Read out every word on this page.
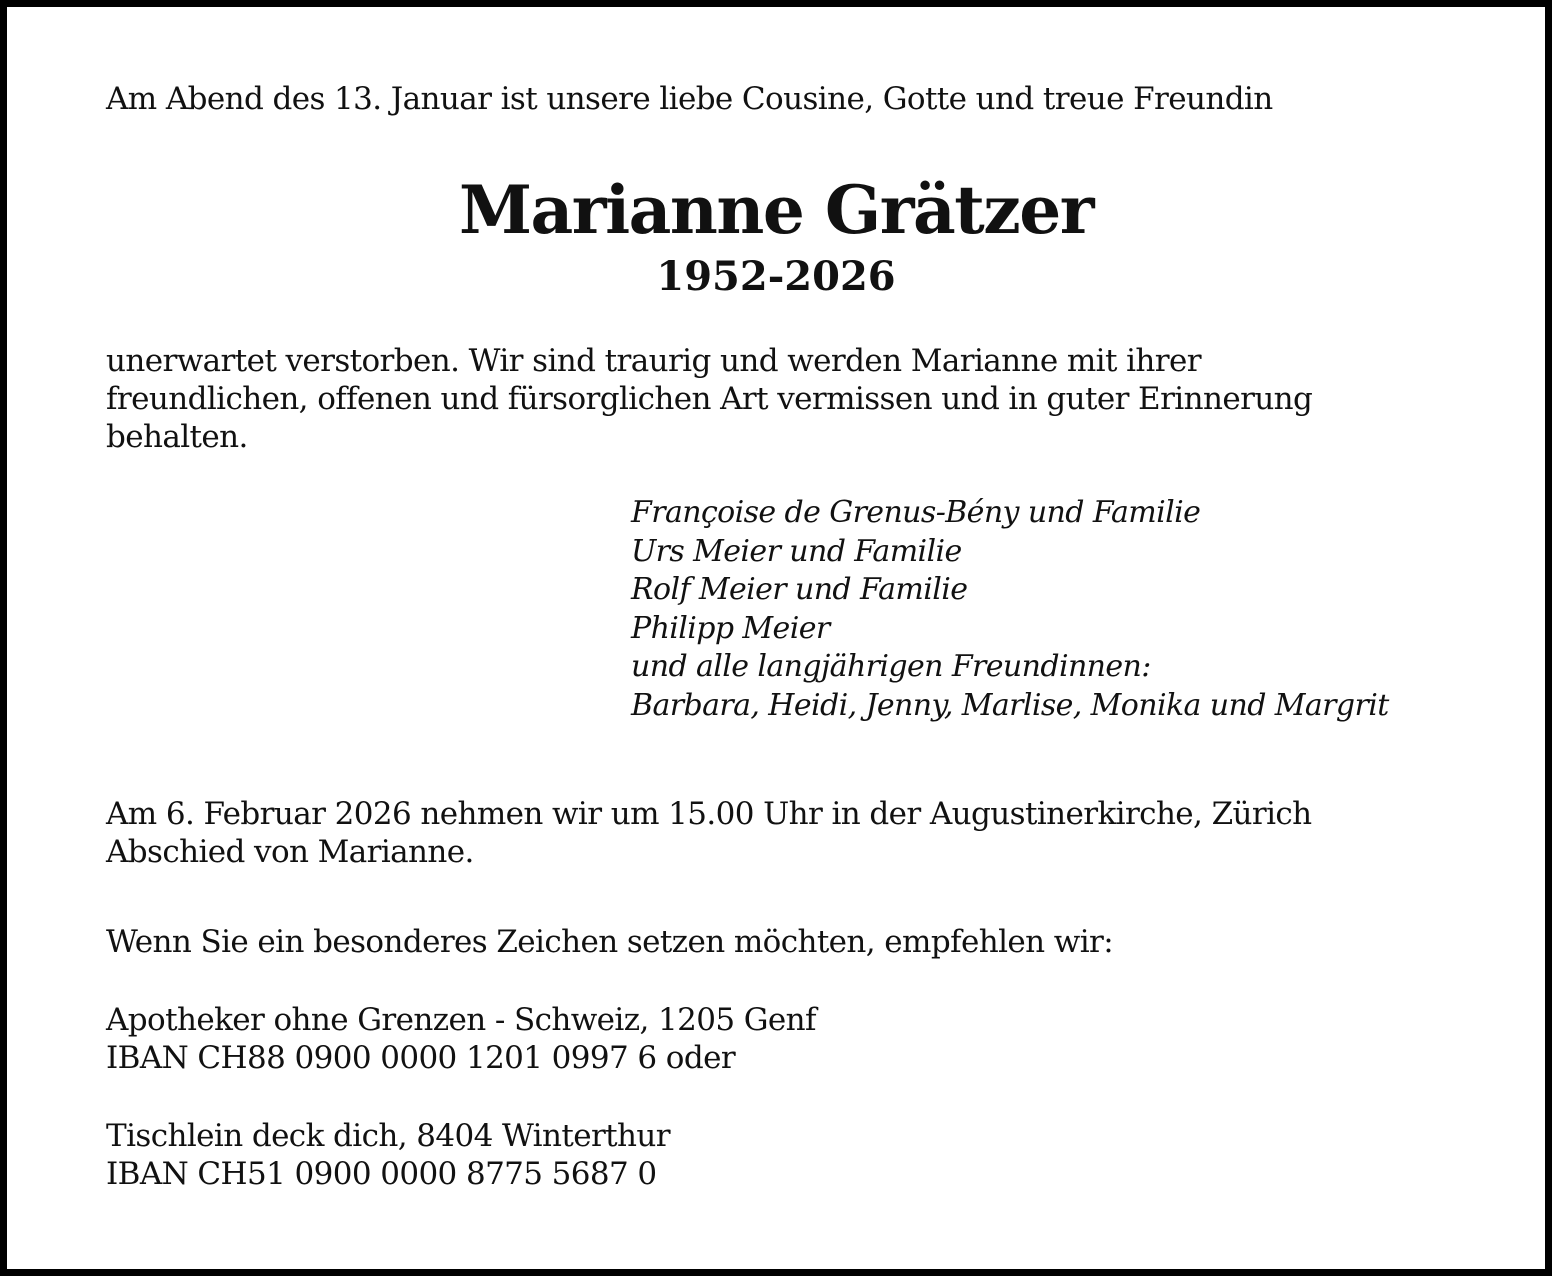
Am Abend des 13. Januar ist unsere liebe Cousine, Gotte und treue Freundin
Marianne Grätzer
1952-2026
unerwartet verstorben. Wir sind traurig und werden Marianne mit ihrer
freundlichen, offenen und fürsorglichen Art vermissen und in guter Erinnerung
behalten.
Françoise de Grenus-Bény und Familie
Urs Meier und Familie
Rolf Meier und Familie
Philipp Meier
und alle langjährigen Freundinnen:
Barbara, Heidi, Jenny, Marlise, Monika und Margrit
Am 6. Februar 2026 nehmen wir um 15.00 Uhr in der Augustinerkirche, Zürich
Abschied von Marianne.
Wenn Sie ein besonderes Zeichen setzen möchten, empfehlen wir:
Apotheker ohne Grenzen - Schweiz, 1205 Genf
IBAN CH88 0900 0000 1201 0997 6 oder
Tischlein deck dich, 8404 Winterthur
IBAN CH51 0900 0000 8775 5687 0
